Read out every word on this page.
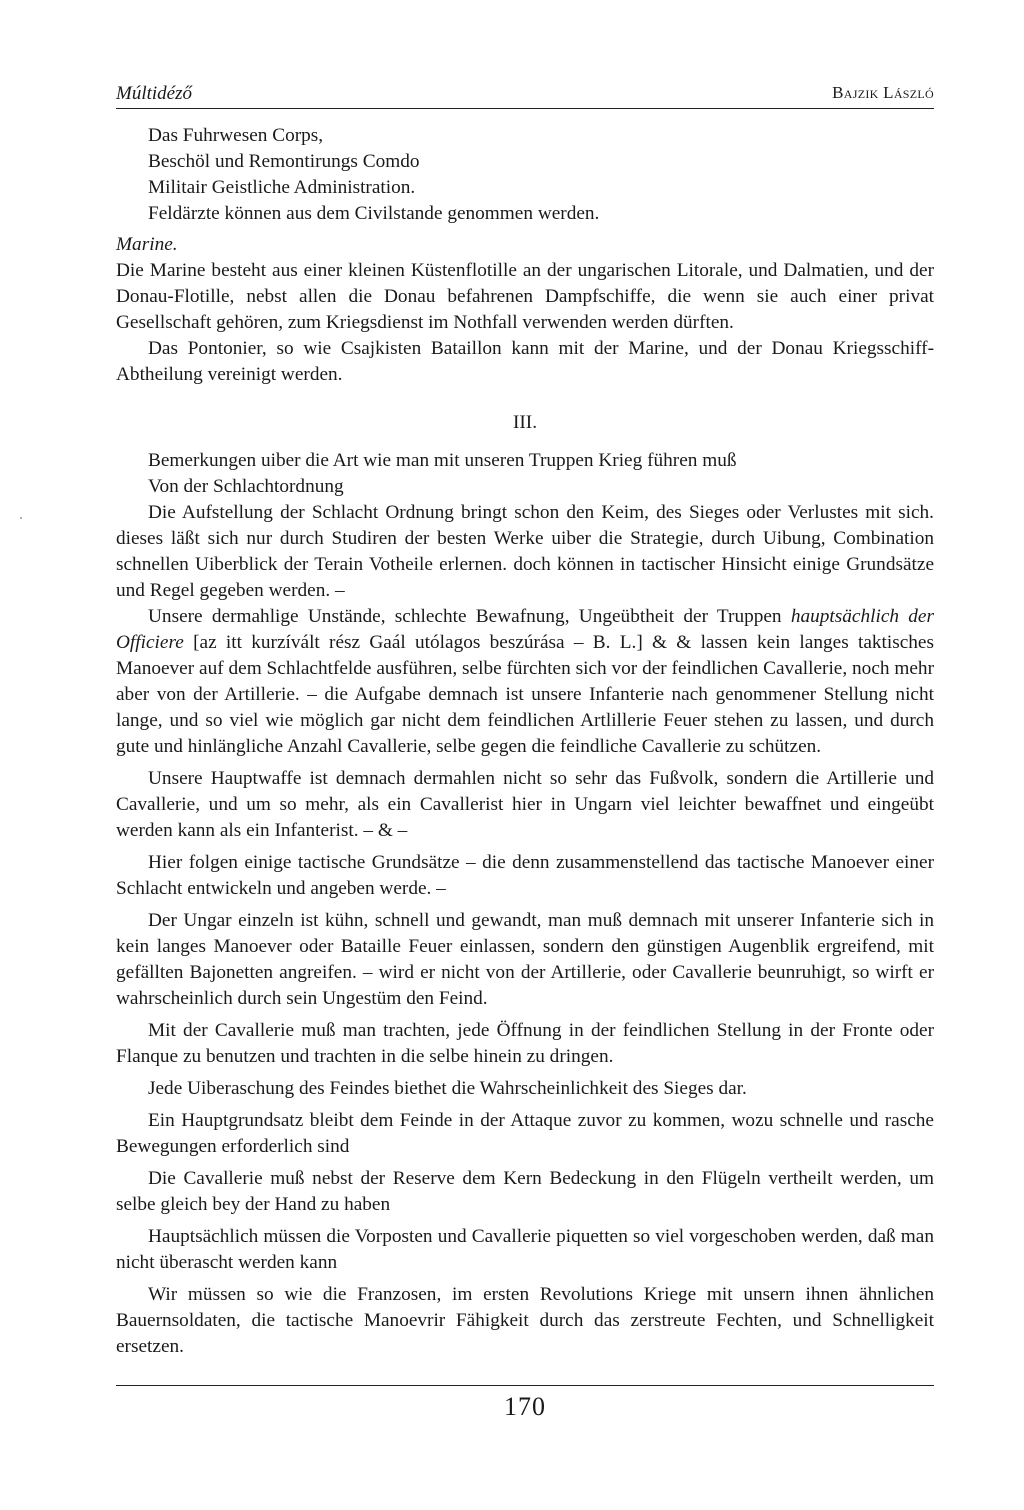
Múltidéző	Bajzik László

Das Fuhrwesen Corps,

Beschöl und Remontirungs Comdo

Militair Geistliche Administration.

Feldärzte können aus dem Civilstande genommen werden.

Marine.

Die Marine besteht aus einer kleinen Küstenflotille an der ungarischen Litorale, und Dalmatien, und der Donau-Flotille, nebst allen die Donau befahrenen Dampfschiffe, die wenn sie auch einer privat Gesellschaft gehören, zum Kriegsdienst im Nothfall verwenden werden dürften.

Das Pontonier, so wie Csajkisten Bataillon kann mit der Marine, und der Donau Kriegsschiff-Abtheilung vereinigt werden.

III.

Bemerkungen uiber die Art wie man mit unseren Truppen Krieg führen muß

Von der Schlachtordnung

Die Aufstellung der Schlacht Ordnung bringt schon den Keim, des Sieges oder Verlustes mit sich. dieses läßt sich nur durch Studiren der besten Werke uiber die Strategie, durch Uibung, Combination schnellen Uiberblick der Terain Votheile erlernen. doch können in tactischer Hinsicht einige Grundsätze und Regel gegeben werden. –

Unsere dermahlige Unstände, schlechte Bewafnung, Ungeübtheit der Truppen hauptsächlich der Officiere [az itt kurzívált rész Gaál utólagos beszúrása – B. L.] & & lassen kein langes taktisches Manoever auf dem Schlachtfelde ausführen, selbe fürchten sich vor der feindlichen Cavallerie, noch mehr aber von der Artillerie. – die Aufgabe demnach ist unsere Infanterie nach genommener Stellung nicht lange, und so viel wie möglich gar nicht dem feindlichen Artlillerie Feuer stehen zu lassen, und durch gute und hinlängliche Anzahl Cavallerie, selbe gegen die feindliche Cavallerie zu schützen.

Unsere Hauptwaffe ist demnach dermahlen nicht so sehr das Fußvolk, sondern die Artillerie und Cavallerie, und um so mehr, als ein Cavallerist hier in Ungarn viel leichter bewaffnet und eingeübt werden kann als ein Infanterist. – & –

Hier folgen einige tactische Grundsätze – die denn zusammenstellend das tactische Manoever einer Schlacht entwickeln und angeben werde. –

Der Ungar einzeln ist kühn, schnell und gewandt, man muß demnach mit unserer Infanterie sich in kein langes Manoever oder Bataille Feuer einlassen, sondern den günstigen Augenblik ergreifend, mit gefällten Bajonetten angreifen. – wird er nicht von der Artillerie, oder Cavallerie beunruhigt, so wirft er wahrscheinlich durch sein Ungestüm den Feind.

Mit der Cavallerie muß man trachten, jede Öffnung in der feindlichen Stellung in der Fronte oder Flanque zu benutzen und trachten in die selbe hinein zu dringen.

Jede Uiberaschung des Feindes biethet die Wahrscheinlichkeit des Sieges dar.

Ein Hauptgrundsatz bleibt dem Feinde in der Attaque zuvor zu kommen, wozu schnelle und rasche Bewegungen erforderlich sind

Die Cavallerie muß nebst der Reserve dem Kern Bedeckung in den Flügeln vertheilt werden, um selbe gleich bey der Hand zu haben

Hauptsächlich müssen die Vorposten und Cavallerie piquetten so viel vorgeschoben werden, daß man nicht überascht werden kann

Wir müssen so wie die Franzosen, im ersten Revolutions Kriege mit unsern ihnen ähnlichen Bauernsoldaten, die tactische Manoevrir Fähigkeit durch das zerstreute Fechten, und Schnelligkeit ersetzen.

170
